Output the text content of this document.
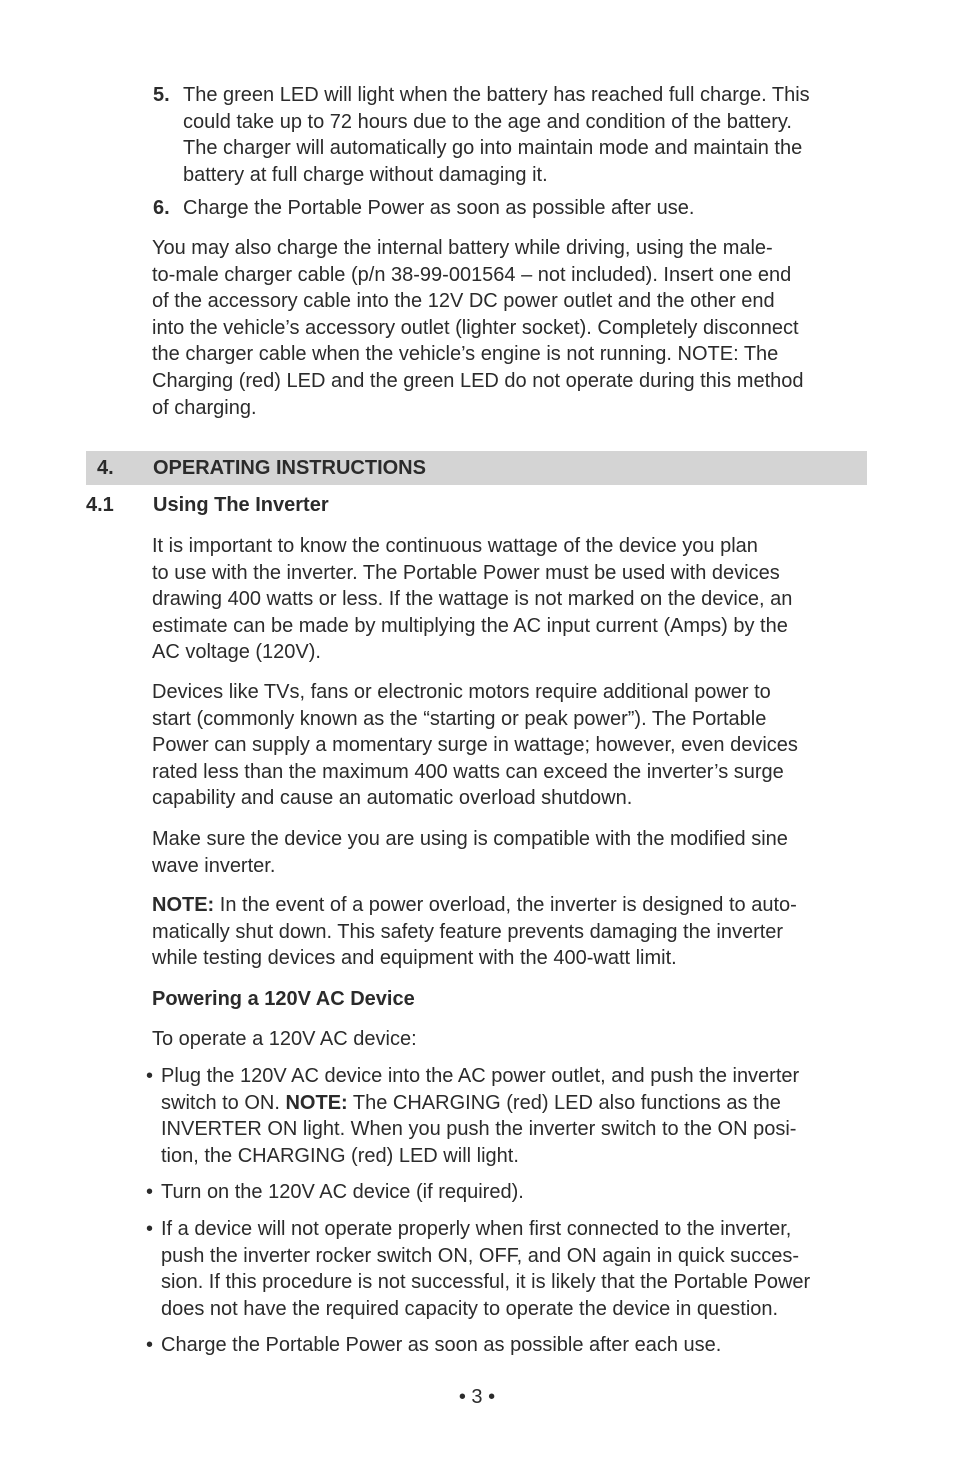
5. The green LED will light when the battery has reached full charge. This
could take up to 72 hours due to the age and condition of the battery.
The charger will automatically go into maintain mode and maintain the
battery at full charge without damaging it.
6. Charge the Portable Power as soon as possible after use.
You may also charge the internal battery while driving, using the male-
to-male charger cable (p/n 38-99-001564 – not included). Insert one end
of the accessory cable into the 12V DC power outlet and the other end
into the vehicle’s accessory outlet (lighter socket). Completely disconnect
the charger cable when the vehicle’s engine is not running. NOTE: The
Charging (red) LED and the green LED do not operate during this method
of charging.
4. OPERATING INSTRUCTIONS
4.1 Using The Inverter
It is important to know the continuous wattage of the device you plan
to use with the inverter. The Portable Power must be used with devices
drawing 400 watts or less. If the wattage is not marked on the device, an
estimate can be made by multiplying the AC input current (Amps) by the
AC voltage (120V).
Devices like TVs, fans or electronic motors require additional power to
start (commonly known as the “starting or peak power”). The Portable
Power can supply a momentary surge in wattage; however, even devices
rated less than the maximum 400 watts can exceed the inverter’s surge
capability and cause an automatic overload shutdown.
Make sure the device you are using is compatible with the modified sine
wave inverter.
NOTE: In the event of a power overload, the inverter is designed to auto-
matically shut down. This safety feature prevents damaging the inverter
while testing devices and equipment with the 400-watt limit.
Powering a 120V AC Device
To operate a 120V AC device:
• Plug the 120V AC device into the AC power outlet, and push the inverter
switch to ON. NOTE: The CHARGING (red) LED also functions as the
INVERTER ON light. When you push the inverter switch to the ON posi-
tion, the CHARGING (red) LED will light.
• Turn on the 120V AC device (if required).
• If a device will not operate properly when first connected to the inverter,
push the inverter rocker switch ON, OFF, and ON again in quick succes-
sion. If this procedure is not successful, it is likely that the Portable Power
does not have the required capacity to operate the device in question.
• Charge the Portable Power as soon as possible after each use.
• 3 •
